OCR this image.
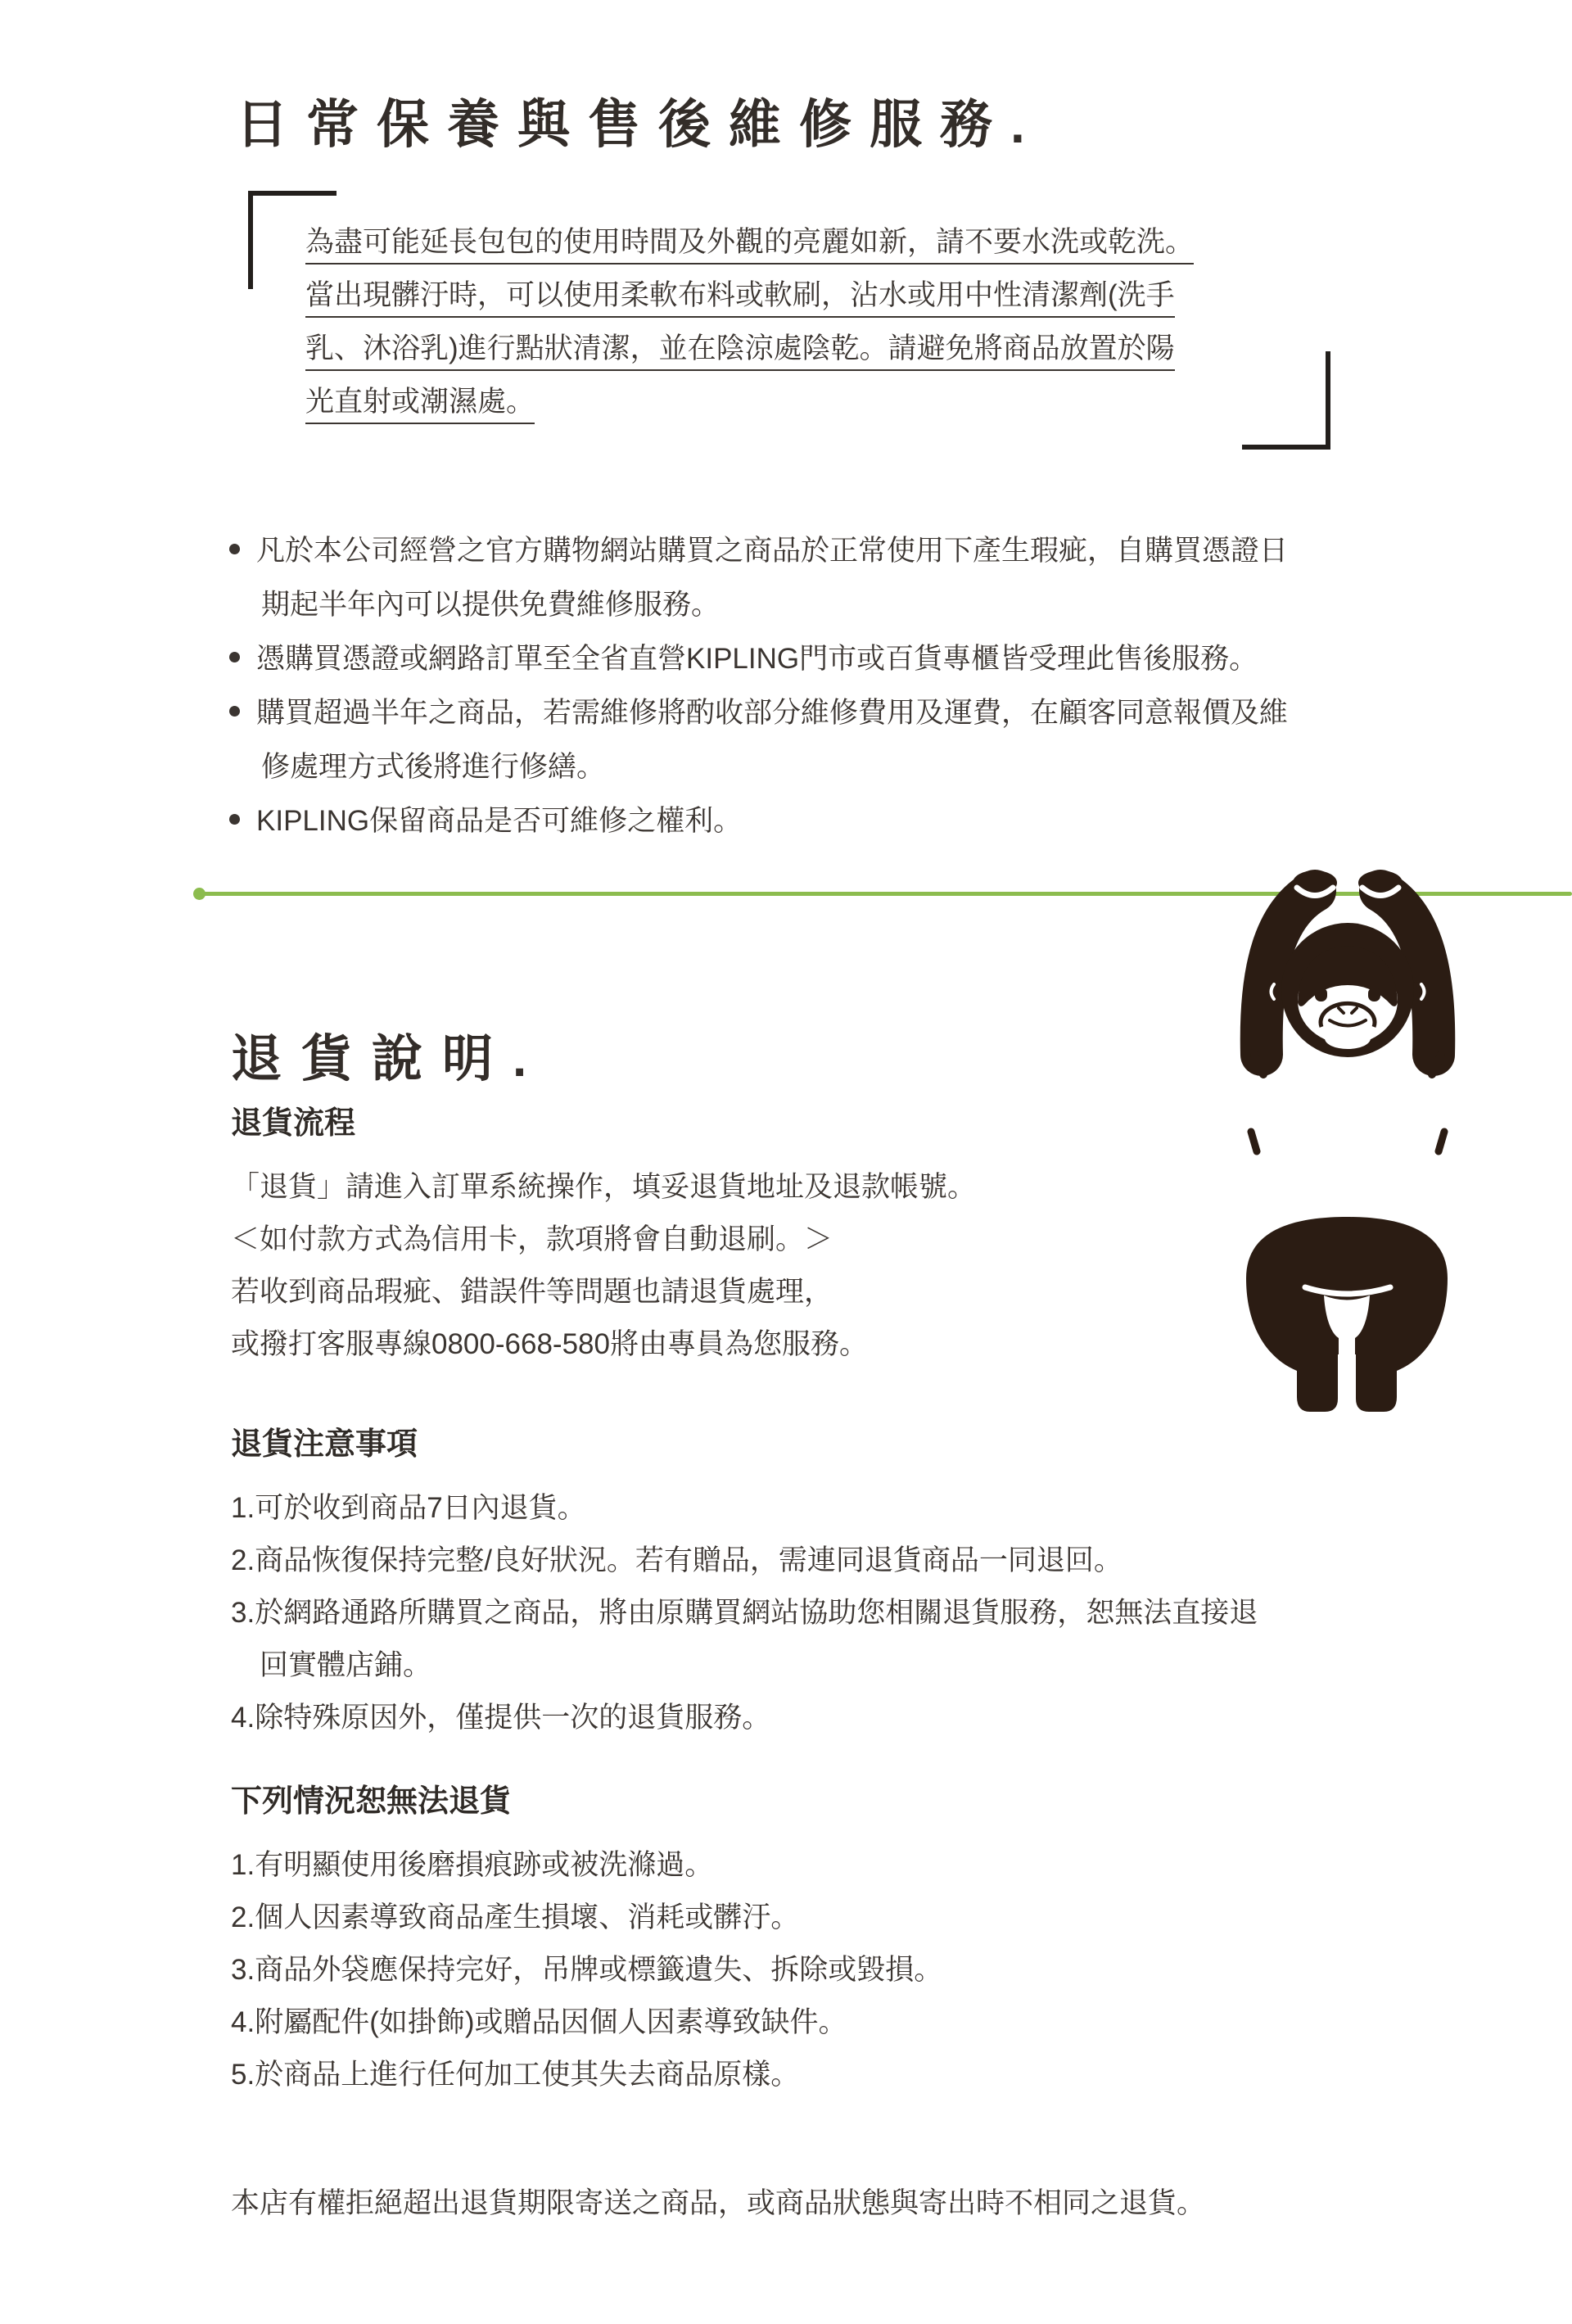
日常保養與售後維修服務.
為盡可能延長包包的使用時間及外觀的亮麗如新，請不要水洗或乾洗。
當出現髒汙時，可以使用柔軟布料或軟刷，沾水或用中性清潔劑(洗手
乳、沐浴乳)進行點狀清潔，並在陰涼處陰乾。請避免將商品放置於陽
光直射或潮濕處。
凡於本公司經營之官方購物網站購買之商品於正常使用下產生瑕疵，自購買憑證日
期起半年內可以提供免費維修服務。
憑購買憑證或網路訂單至全省直營KIPLING門市或百貨專櫃皆受理此售後服務。
購買超過半年之商品，若需維修將酌收部分維修費用及運費，在顧客同意報價及維
修處理方式後將進行修繕。
KIPLING保留商品是否可維修之權利。
退貨說明.
退貨流程
「退貨」請進入訂單系統操作，填妥退貨地址及退款帳號。
＜如付款方式為信用卡，款項將會自動退刷。＞
若收到商品瑕疵、錯誤件等問題也請退貨處理，
或撥打客服專線0800-668-580將由專員為您服務。
退貨注意事項
1.可於收到商品7日內退貨。
2.商品恢復保持完整/良好狀況。若有贈品，需連同退貨商品一同退回。
3.於網路通路所購買之商品，將由原購買網站協助您相關退貨服務，恕無法直接退
回實體店鋪。
4.除特殊原因外，僅提供一次的退貨服務。
下列情況恕無法退貨
1.有明顯使用後磨損痕跡或被洗滌過。
2.個人因素導致商品產生損壞、消耗或髒汙。
3.商品外袋應保持完好，吊牌或標籤遺失、拆除或毀損。
4.附屬配件(如掛飾)或贈品因個人因素導致缺件。
5.於商品上進行任何加工使其失去商品原樣。

本店有權拒絕超出退貨期限寄送之商品，或商品狀態與寄出時不相同之退貨。
